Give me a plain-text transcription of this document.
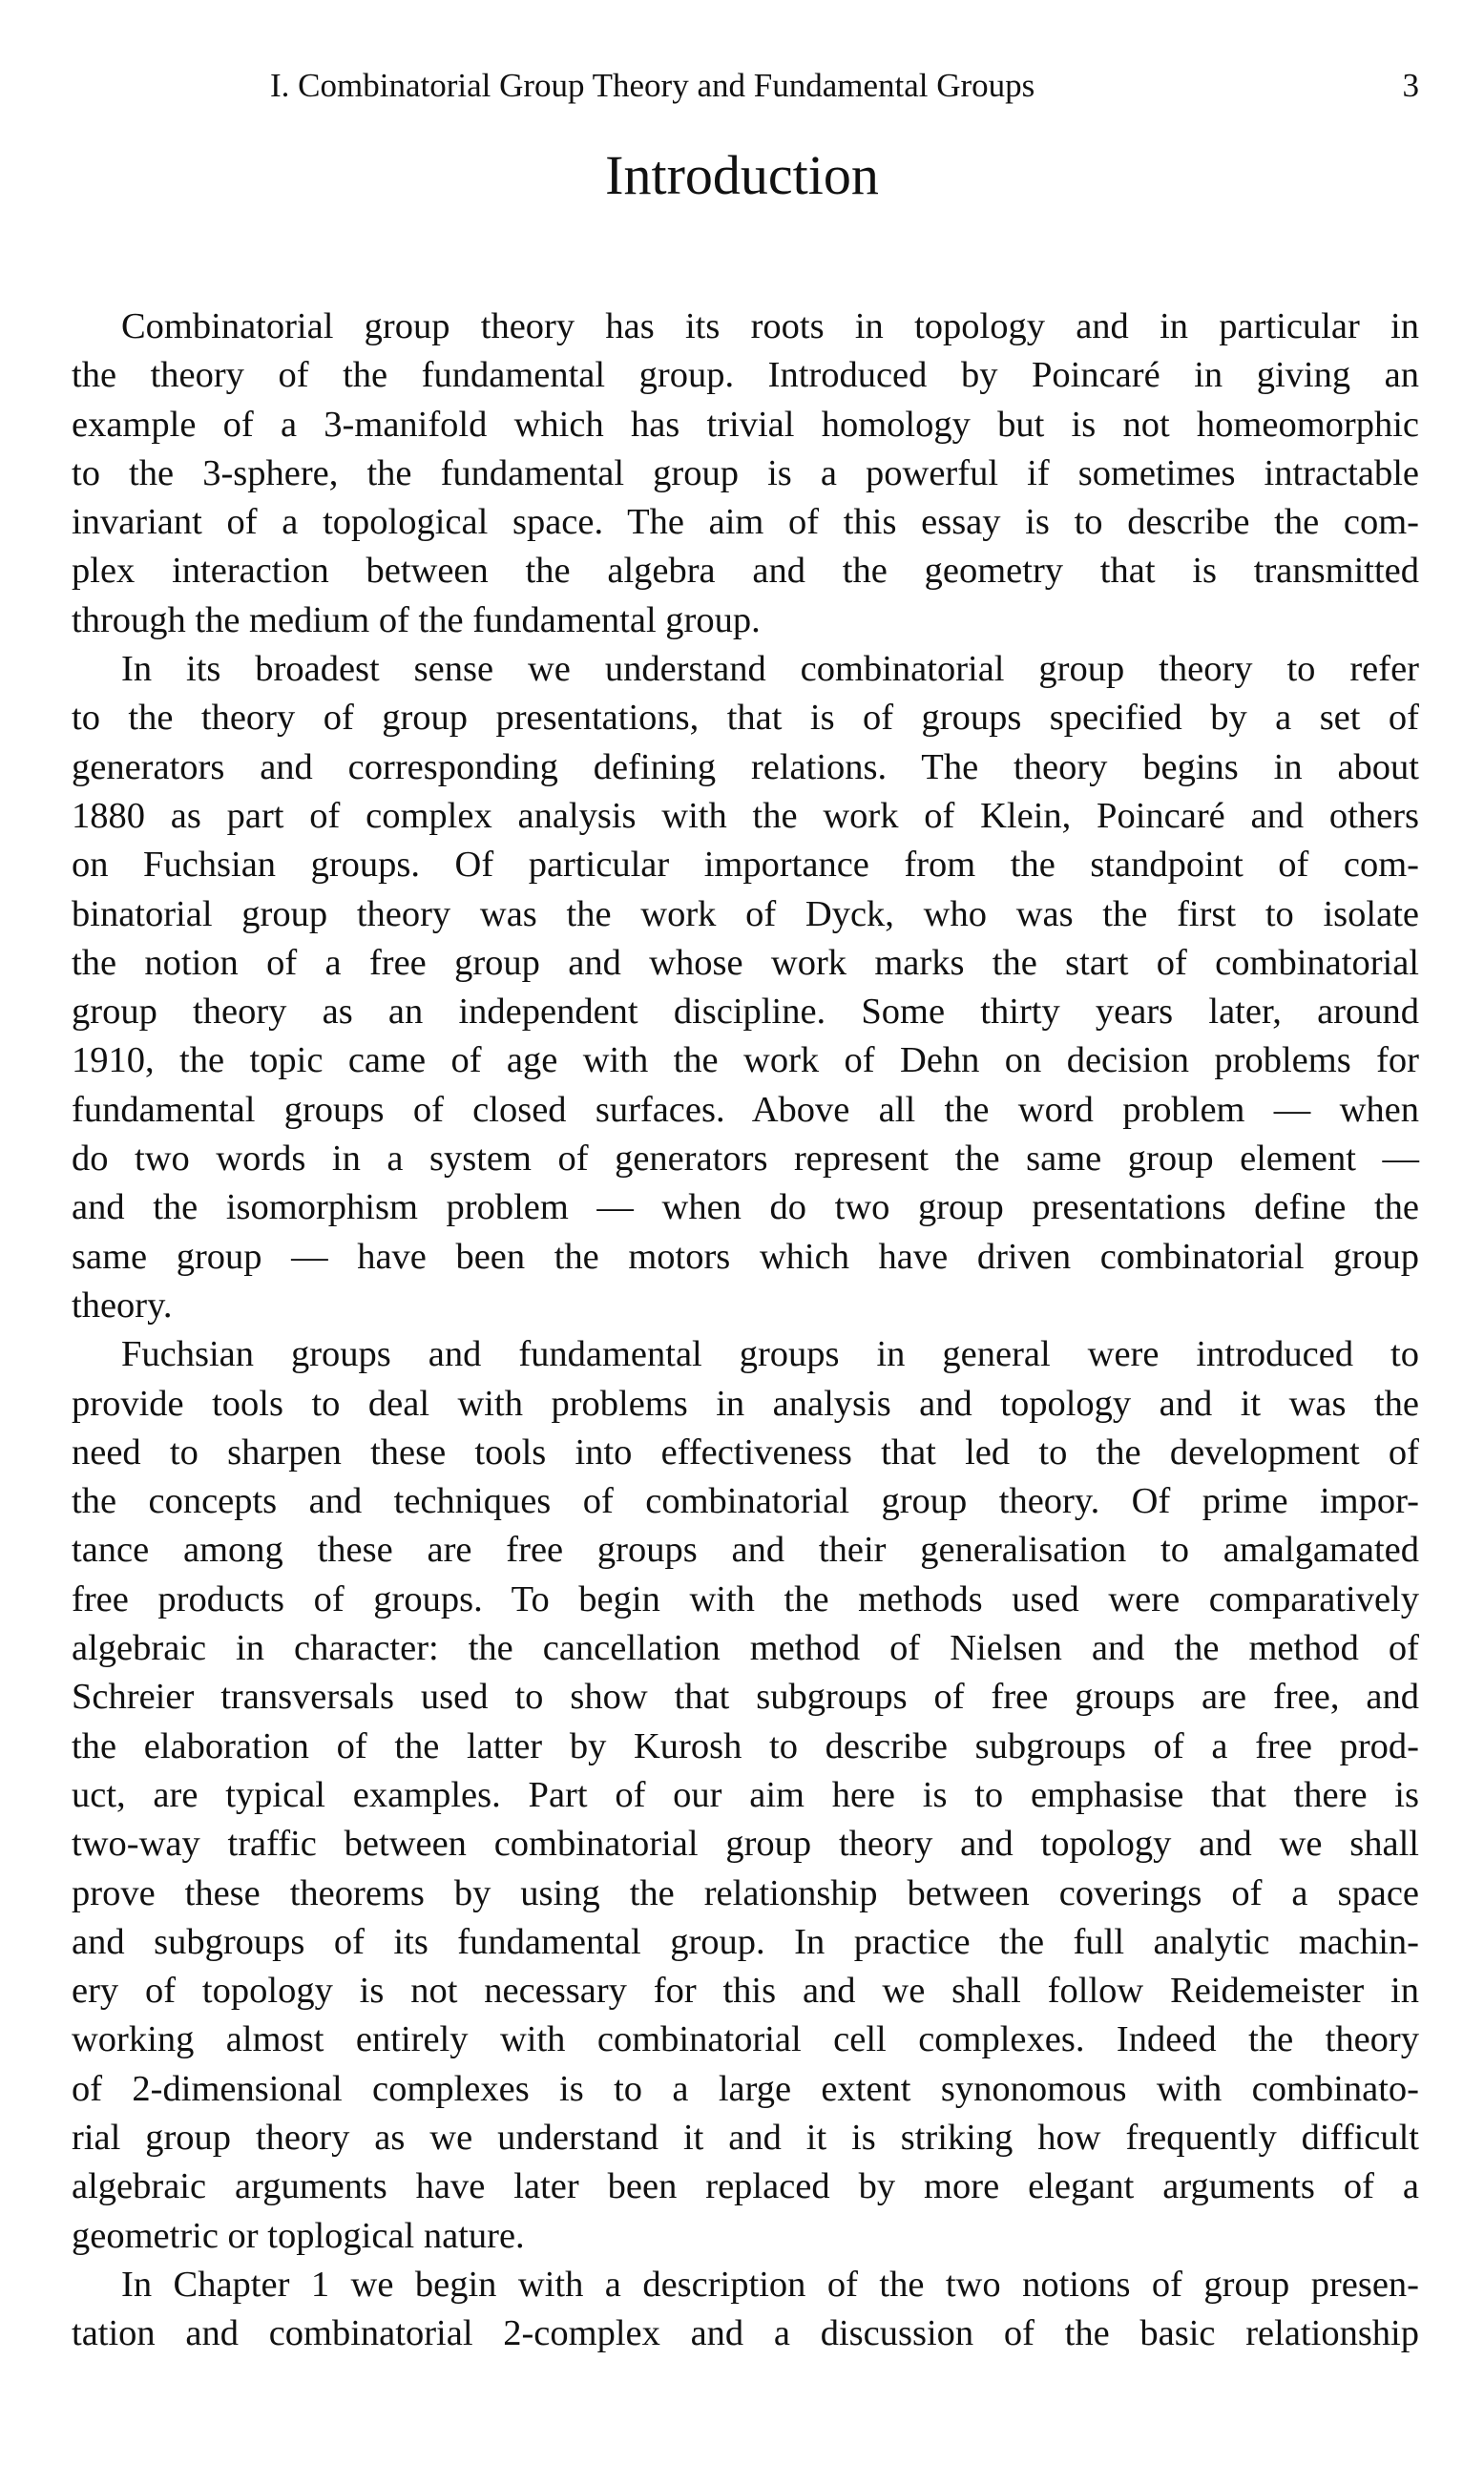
I. Combinatorial Group Theory and Fundamental Groups	3
Introduction
Combinatorial group theory has its roots in topology and in particular in
the theory of the fundamental group. Introduced by Poincaré in giving an
example of a 3-manifold which has trivial homology but is not homeomorphic
to the 3-sphere, the fundamental group is a powerful if sometimes intractable
invariant of a topological space. The aim of this essay is to describe the com-
plex interaction between the algebra and the geometry that is transmitted
through the medium of the fundamental group.
In its broadest sense we understand combinatorial group theory to refer
to the theory of group presentations, that is of groups specified by a set of
generators and corresponding defining relations. The theory begins in about
1880 as part of complex analysis with the work of Klein, Poincaré and others
on Fuchsian groups. Of particular importance from the standpoint of com-
binatorial group theory was the work of Dyck, who was the first to isolate
the notion of a free group and whose work marks the start of combinatorial
group theory as an independent discipline. Some thirty years later, around
1910, the topic came of age with the work of Dehn on decision problems for
fundamental groups of closed surfaces. Above all the word problem — when
do two words in a system of generators represent the same group element —
and the isomorphism problem — when do two group presentations define the
same group — have been the motors which have driven combinatorial group
theory.
Fuchsian groups and fundamental groups in general were introduced to
provide tools to deal with problems in analysis and topology and it was the
need to sharpen these tools into effectiveness that led to the development of
the concepts and techniques of combinatorial group theory. Of prime impor-
tance among these are free groups and their generalisation to amalgamated
free products of groups. To begin with the methods used were comparatively
algebraic in character: the cancellation method of Nielsen and the method of
Schreier transversals used to show that subgroups of free groups are free, and
the elaboration of the latter by Kurosh to describe subgroups of a free prod-
uct, are typical examples. Part of our aim here is to emphasise that there is
two-way traffic between combinatorial group theory and topology and we shall
prove these theorems by using the relationship between coverings of a space
and subgroups of its fundamental group. In practice the full analytic machin-
ery of topology is not necessary for this and we shall follow Reidemeister in
working almost entirely with combinatorial cell complexes. Indeed the theory
of 2-dimensional complexes is to a large extent synonomous with combinato-
rial group theory as we understand it and it is striking how frequently difficult
algebraic arguments have later been replaced by more elegant arguments of a
geometric or toplogical nature.
In Chapter 1 we begin with a description of the two notions of group presen-
tation and combinatorial 2-complex and a discussion of the basic relationship
